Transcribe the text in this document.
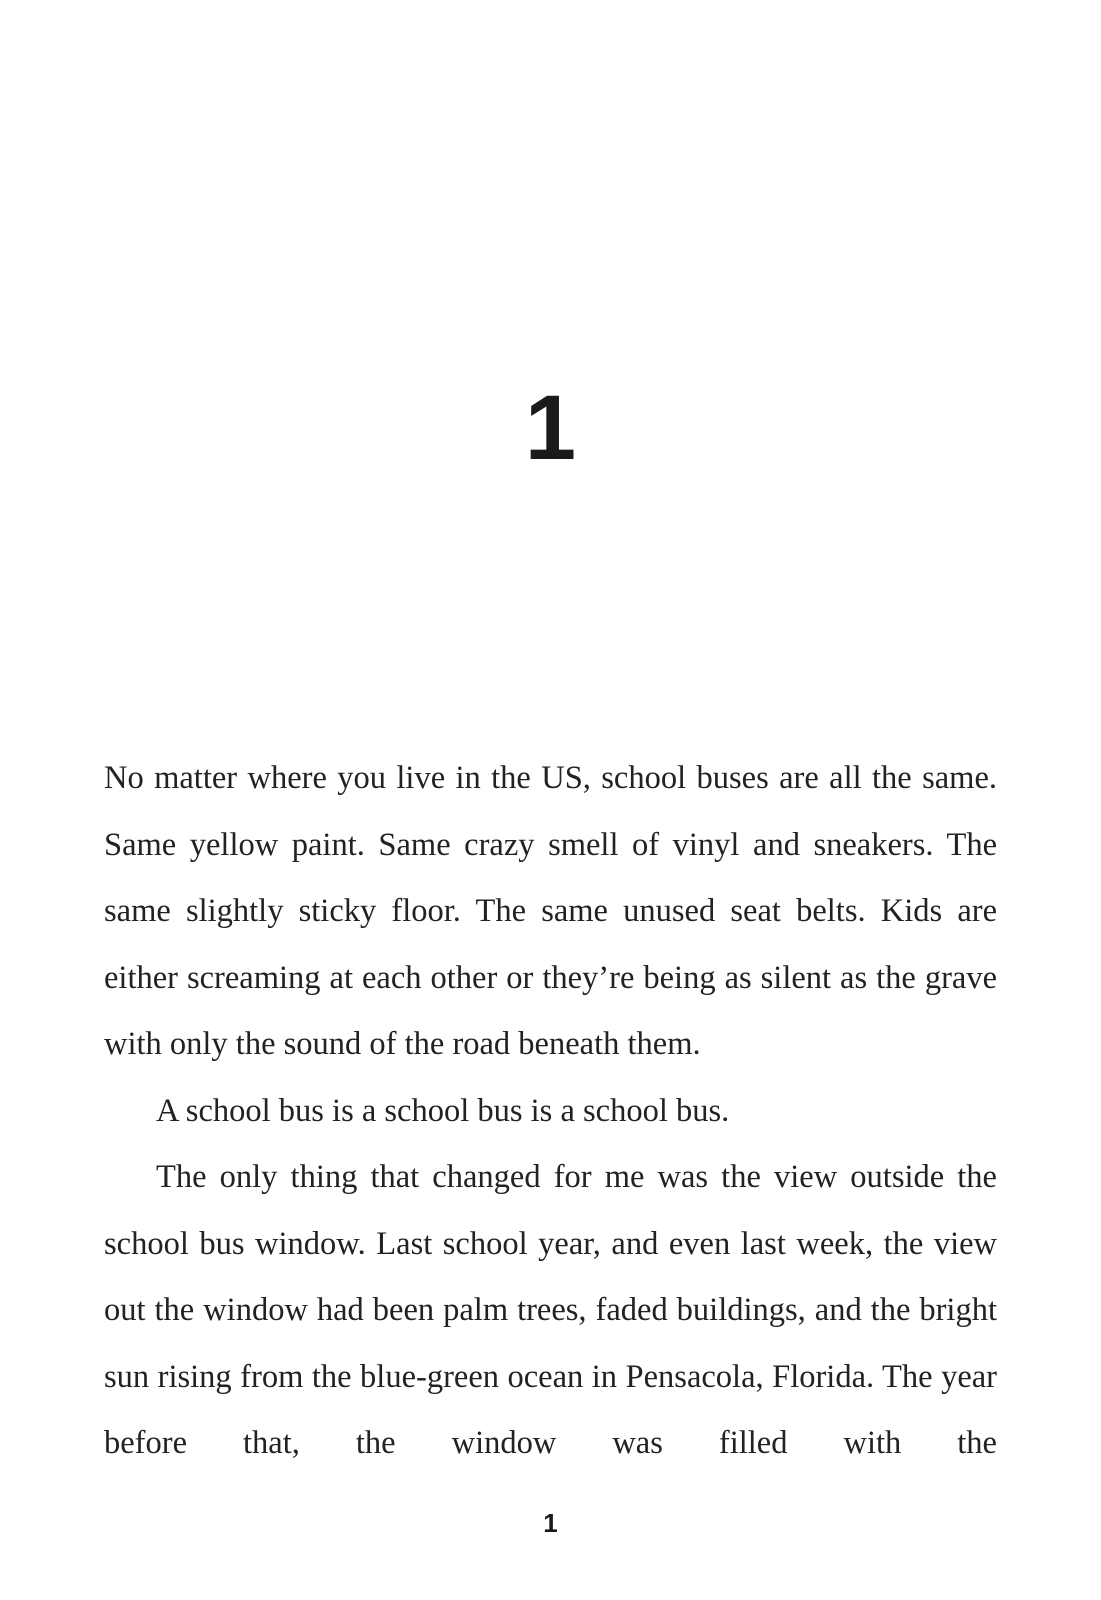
1

No matter where you live in the US, school buses are all the same. Same yellow paint. Same crazy smell of vinyl and sneakers. The same slightly sticky floor. The same unused seat belts. Kids are either screaming at each other or they’re being as silent as the grave with only the sound of the road beneath them.

A school bus is a school bus is a school bus.

The only thing that changed for me was the view outside the school bus window. Last school year, and even last week, the view out the window had been palm trees, faded buildings, and the bright sun rising from the blue-green ocean in Pensacola, Florida. The year before that, the window was filled with the

1
